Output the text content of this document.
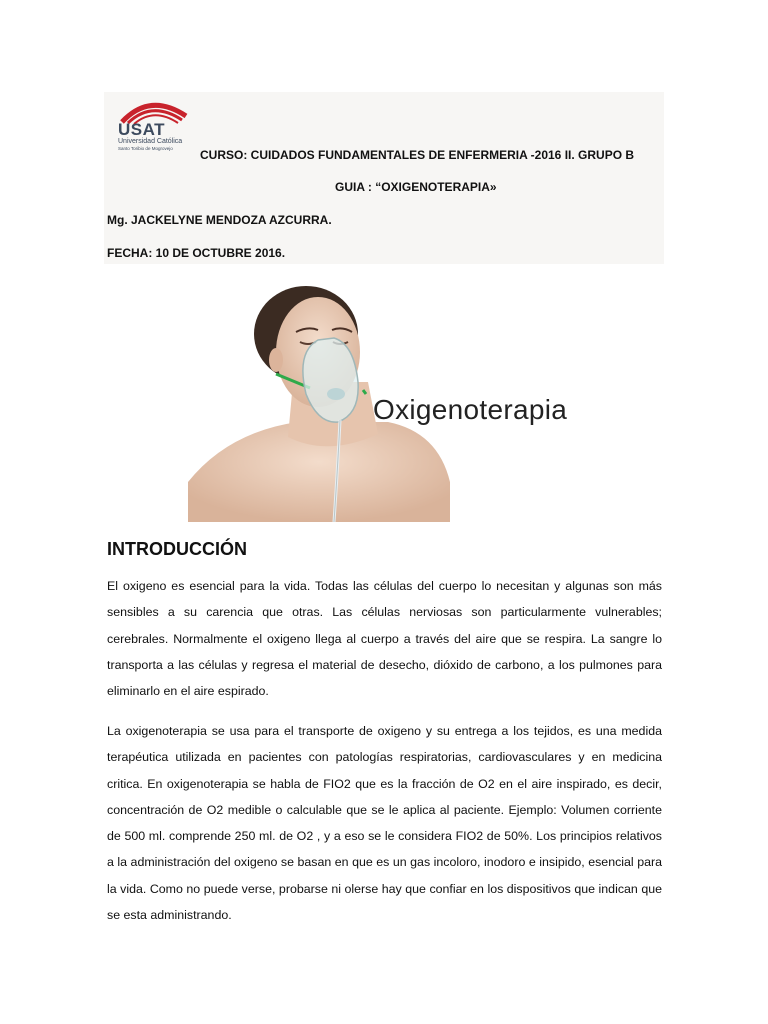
USAT
Universidad Católica
Santo Toribio de Mogrovejo	CURSO: CUIDADOS FUNDAMENTALES DE ENFERMERIA -2016 II. GRUPO B
GUIA : “OXIGENOTERAPIA»
Mg. JACKELYNE MENDOZA AZCURRA.
FECHA: 10 DE OCTUBRE 2016.
Oxigenoterapia
INTRODUCCIÓN
El oxigeno es esencial para la vida. Todas las células del cuerpo lo necesitan y algunas son más sensibles a su carencia que otras. Las células nerviosas son particularmente vulnerables; cerebrales. Normalmente el oxigeno llega al cuerpo a través del aire que se respira. La sangre lo transporta a las células y regresa el material de desecho, dióxido de carbono, a los pulmones para eliminarlo en el aire espirado.
La oxigenoterapia se usa para el transporte de oxigeno y su entrega a los tejidos, es una medida terapéutica utilizada en pacientes con patologías respiratorias, cardiovasculares y en medicina critica. En oxigenoterapia se habla de FIO2 que es la fracción de O2 en el aire inspirado, es decir, concentración de O2 medible o calculable que se le aplica al paciente. Ejemplo: Volumen corriente de 500 ml. comprende 250 ml. de O2 , y a eso se le considera FIO2 de 50%. Los principios relativos a la administración del oxigeno se basan en que es un gas incoloro, inodoro e insipido, esencial para la vida. Como no puede verse, probarse ni olerse hay que confiar en los dispositivos que indican que se esta administrando.
